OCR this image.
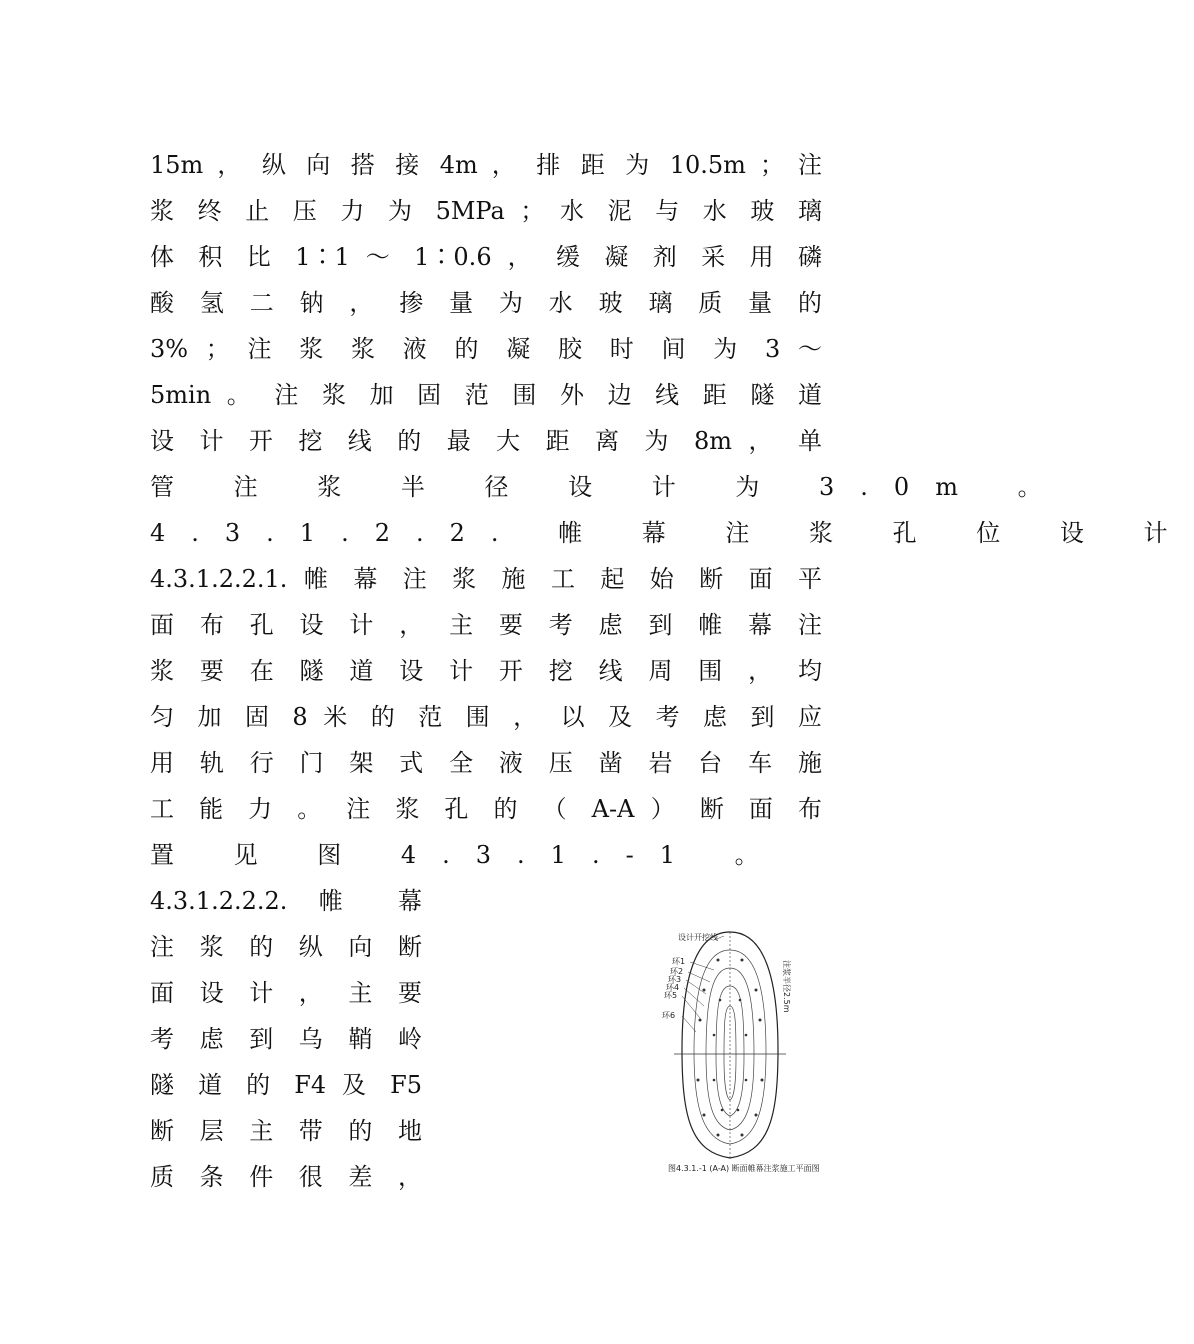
15m ， 纵 向 搭 接 4m ， 排 距 为 10.5m ； 注
浆 终 止 压 力 为 5MPa ； 水 泥 与 水 玻 璃
体 积 比 1∶1 ～ 1∶0.6 ， 缓 凝 剂 采 用 磷
酸 氢 二 钠 ， 掺 量 为 水 玻 璃 质 量 的
3% ； 注 浆 浆 液 的 凝 胶 时 间 为 3 ～
5min 。 注 浆 加 固 范 围 外 边 线 距 隧 道
设 计 开 挖 线 的 最 大 距 离 为 8m ， 单
管 注 浆 半 径 设 计 为 3.0m 。
4.3.1.2.2. 帷 幕 注 浆 孔 位 设 计
4.3.1.2.2.1. 帷 幕 注 浆 施 工 起 始 断 面 平
面 布 孔 设 计 ， 主 要 考 虑 到 帷 幕 注
浆 要 在 隧 道 设 计 开 挖 线 周 围 ， 均
匀 加 固 8 米 的 范 围 ， 以 及 考 虑 到 应
用 轨 行 门 架 式 全 液 压 凿 岩 台 车 施
工 能 力 。 注 浆 孔 的 （ A-A ） 断 面 布
置 见 图 4.3.1.-1 。
4.3.1.2.2.2. 帷 幕
注 浆 的 纵 向 断
面 设 计 ， 主 要
考 虑 到 乌 鞘 岭
隧 道 的 F4 及 F5
断 层 主 带 的 地
质 条 件 很 差 ，
设计开挖线
环1
环2
环3
环4
环5
环6
注浆半径2.5m
图4.3.1.-1 (A-A) 断面帷幕注浆施工平面图
